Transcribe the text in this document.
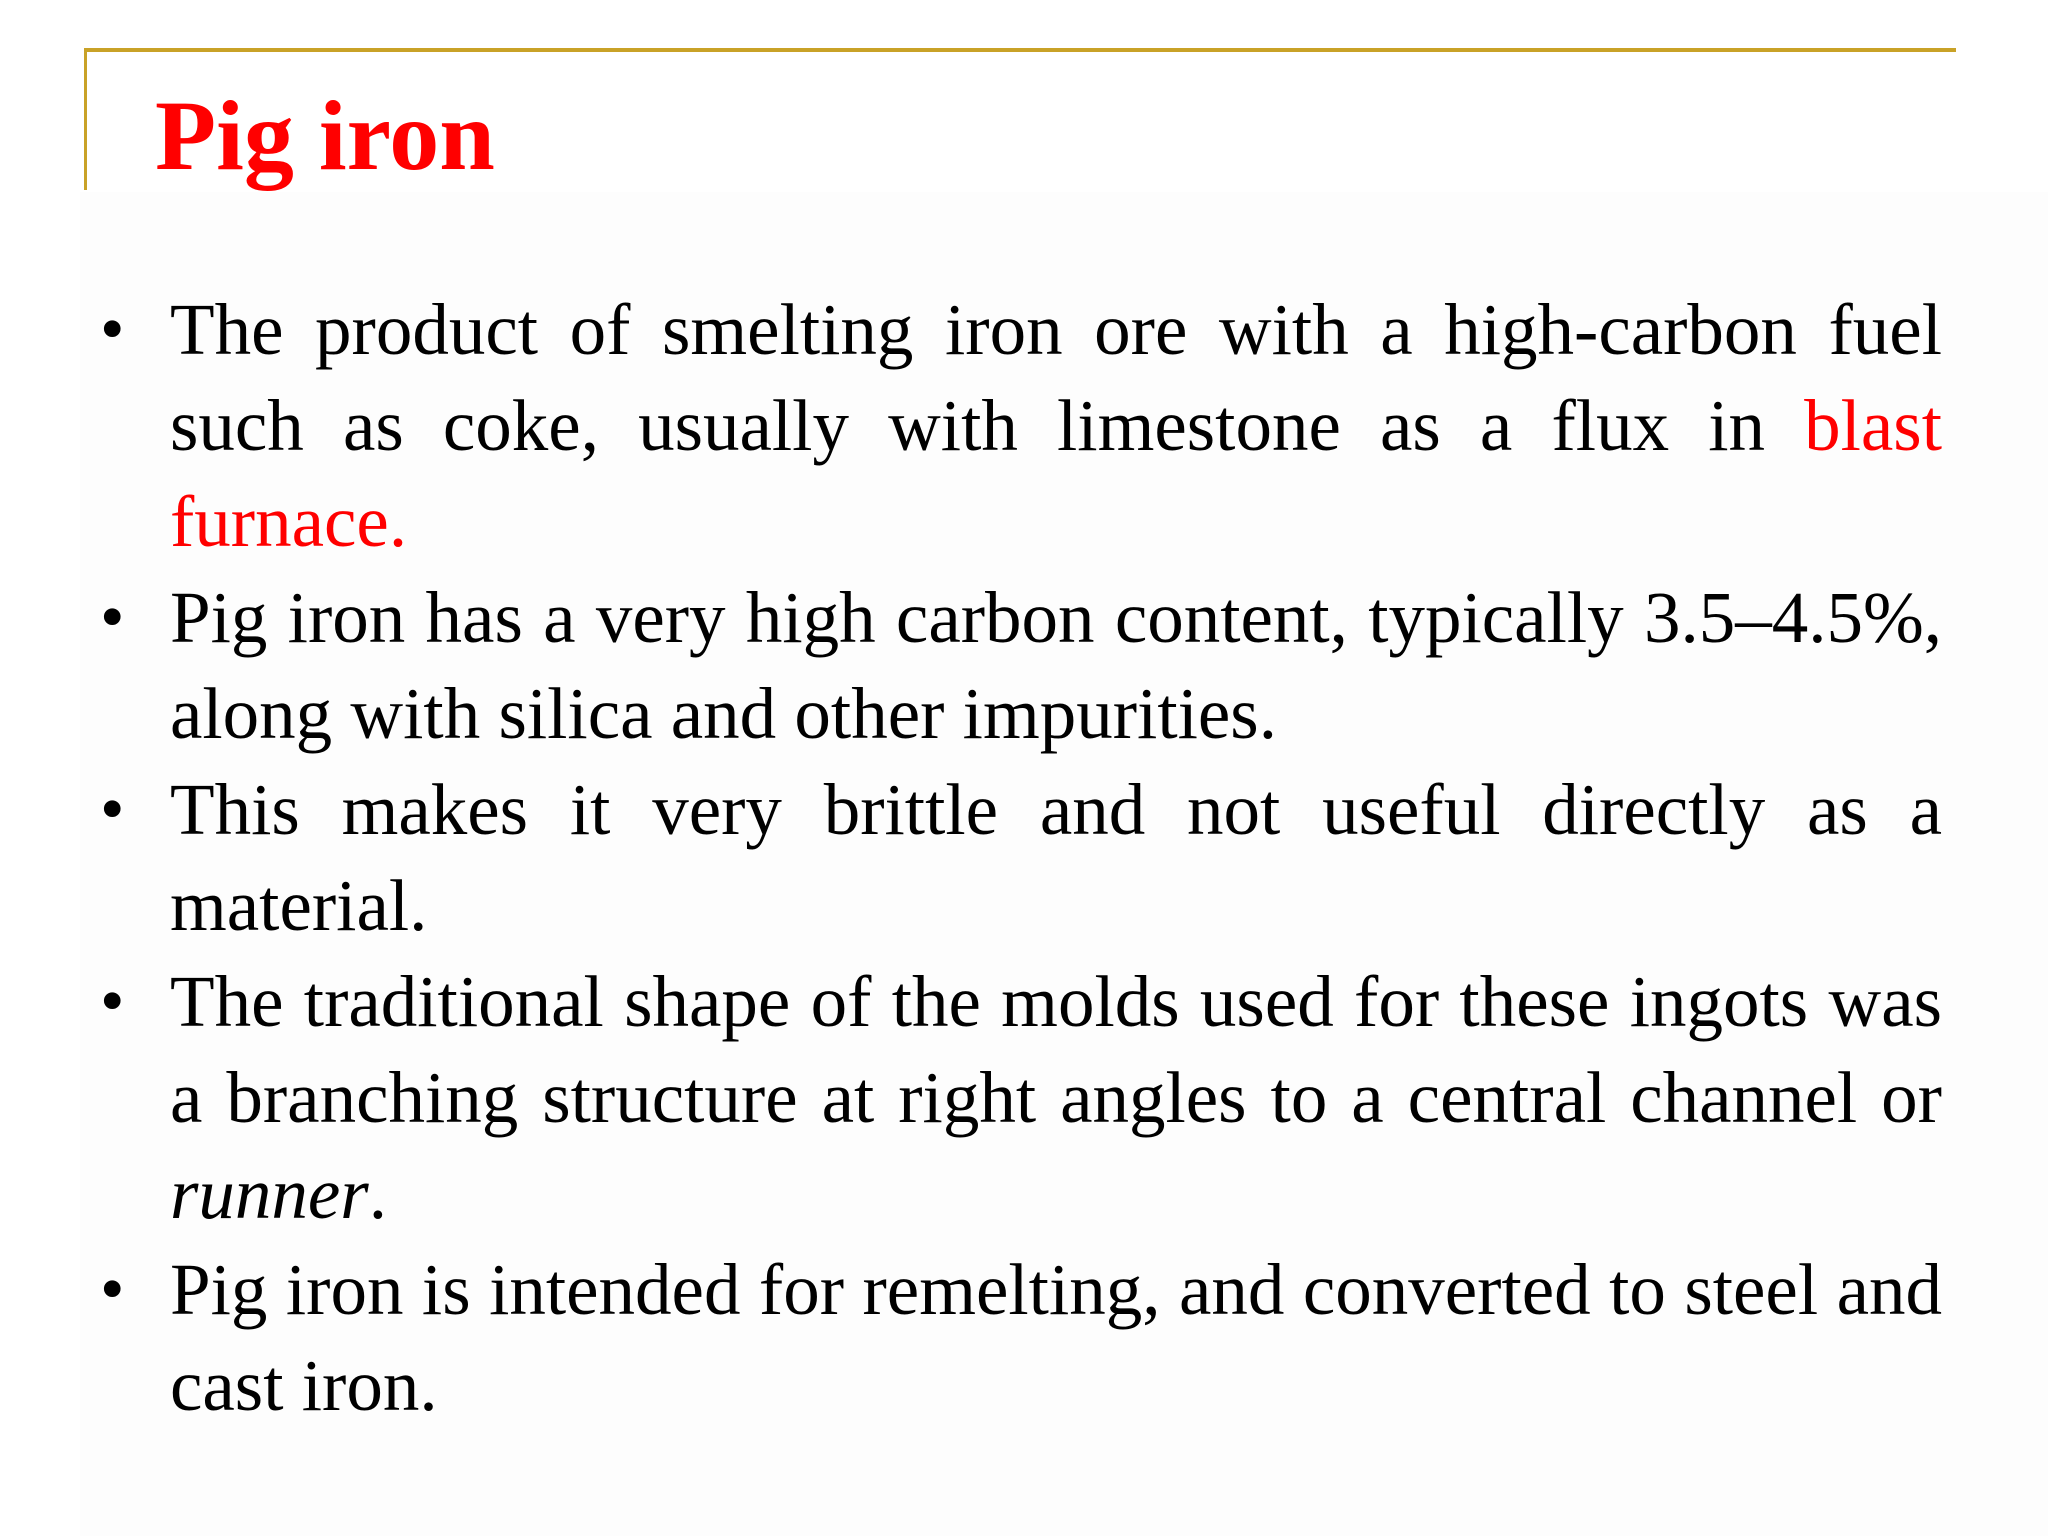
Pig iron
• The product of smelting iron ore with a high-carbon fuel such as coke, usually with limestone as a flux in blast furnace.
• Pig iron has a very high carbon content, typically 3.5–4.5%, along with silica and other impurities.
• This makes it very brittle and not useful directly as a material.
• The traditional shape of the molds used for these ingots was a branching structure at right angles to a central channel or runner.
• Pig iron is intended for remelting, and converted to steel and cast iron.
